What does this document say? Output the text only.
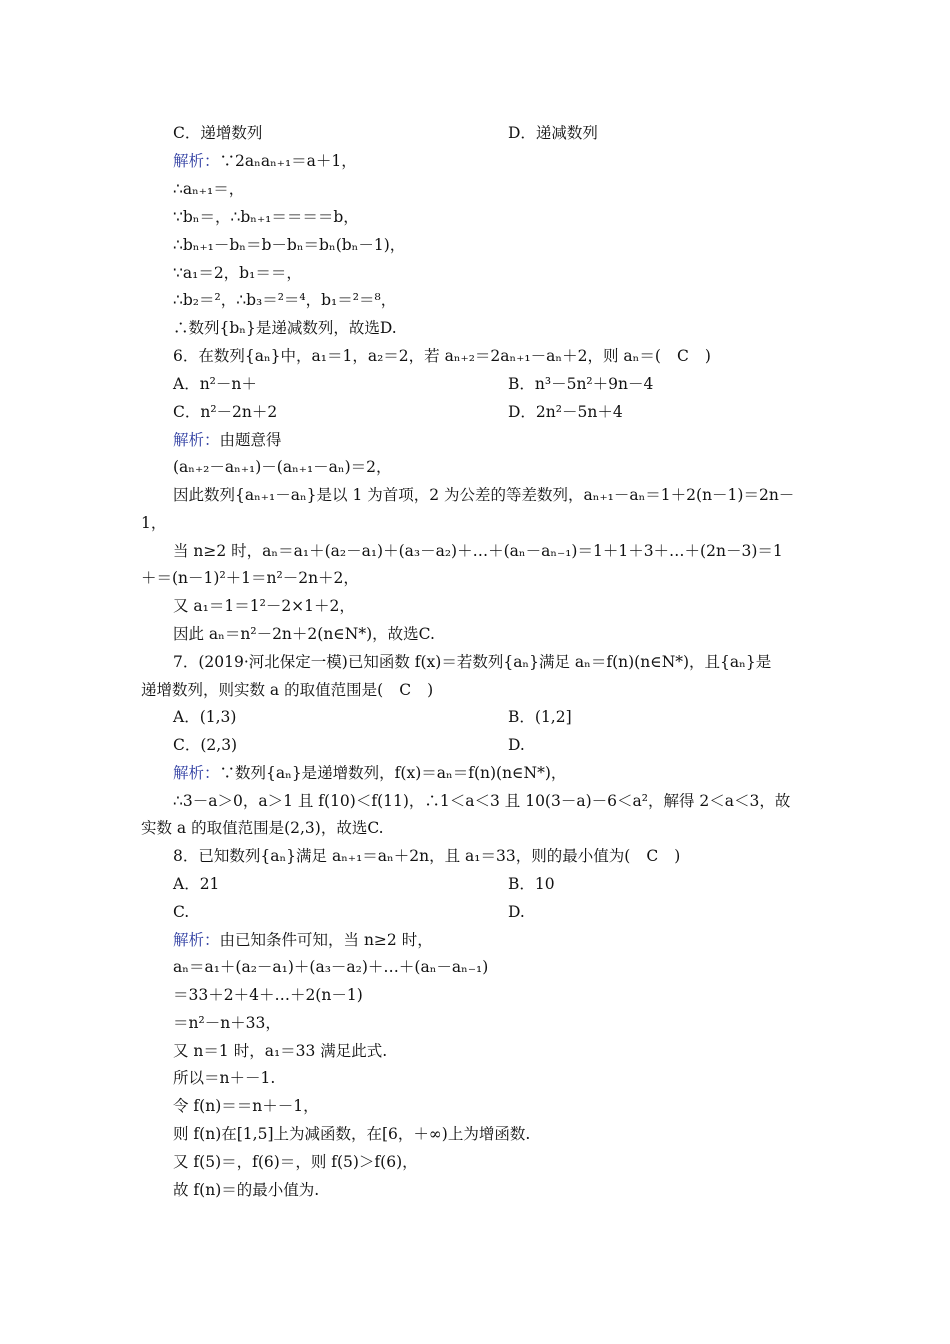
C．递增数列	D．递减数列
解析：∵2aₙaₙ₊₁＝a＋1，
∴aₙ₊₁＝，
∵bₙ＝，∴bₙ₊₁＝＝＝＝b，
∴bₙ₊₁－bₙ＝b－bₙ＝bₙ(bₙ－1)，
∵a₁＝2，b₁＝＝，
∴b₂＝²，∴b₃＝²＝⁴，b₁＝²＝⁸，
∴数列{bₙ}是递减数列，故选D.
6．在数列{aₙ}中，a₁＝1，a₂＝2，若 aₙ₊₂＝2aₙ₊₁－aₙ＋2，则 aₙ＝( C )
A．n²－n＋	B．n³－5n²＋9n－4
C．n²－2n＋2	D．2n²－5n＋4
解析：由题意得
(aₙ₊₂－aₙ₊₁)－(aₙ₊₁－aₙ)＝2，
因此数列{aₙ₊₁－aₙ}是以 1 为首项，2 为公差的等差数列，aₙ₊₁－aₙ＝1＋2(n－1)＝2n－
1，
当 n≥2 时，aₙ＝a₁＋(a₂－a₁)＋(a₃－a₂)＋…＋(aₙ－aₙ₋₁)＝1＋1＋3＋…＋(2n－3)＝1
＋＝(n－1)²＋1＝n²－2n＋2，
又 a₁＝1＝1²－2×1＋2，
因此 aₙ＝n²－2n＋2(n∈N*)，故选C.
7．(2019·河北保定一模)已知函数 f(x)＝若数列{aₙ}满足 aₙ＝f(n)(n∈N*)，且{aₙ}是
递增数列，则实数 a 的取值范围是( C )
A．(1,3)	B．(1,2]
C．(2,3)	D.
解析：∵数列{aₙ}是递增数列，f(x)＝aₙ＝f(n)(n∈N*)，
∴3－a＞0，a＞1 且 f(10)＜f(11)，∴1＜a＜3 且 10(3－a)－6＜a²，解得 2＜a＜3，故
实数 a 的取值范围是(2,3)，故选C.
8．已知数列{aₙ}满足 aₙ₊₁＝aₙ＋2n，且 a₁＝33，则的最小值为( C )
A．21	B．10
C.	D.
解析：由已知条件可知，当 n≥2 时，
aₙ＝a₁＋(a₂－a₁)＋(a₃－a₂)＋…＋(aₙ－aₙ₋₁)
＝33＋2＋4＋…＋2(n－1)
＝n²－n＋33，
又 n＝1 时，a₁＝33 满足此式.
所以＝n＋－1.
令 f(n)＝＝n＋－1，
则 f(n)在[1,5]上为减函数，在[6，＋∞)上为增函数.
又 f(5)＝，f(6)＝，则 f(5)＞f(6)，
故 f(n)＝的最小值为.
